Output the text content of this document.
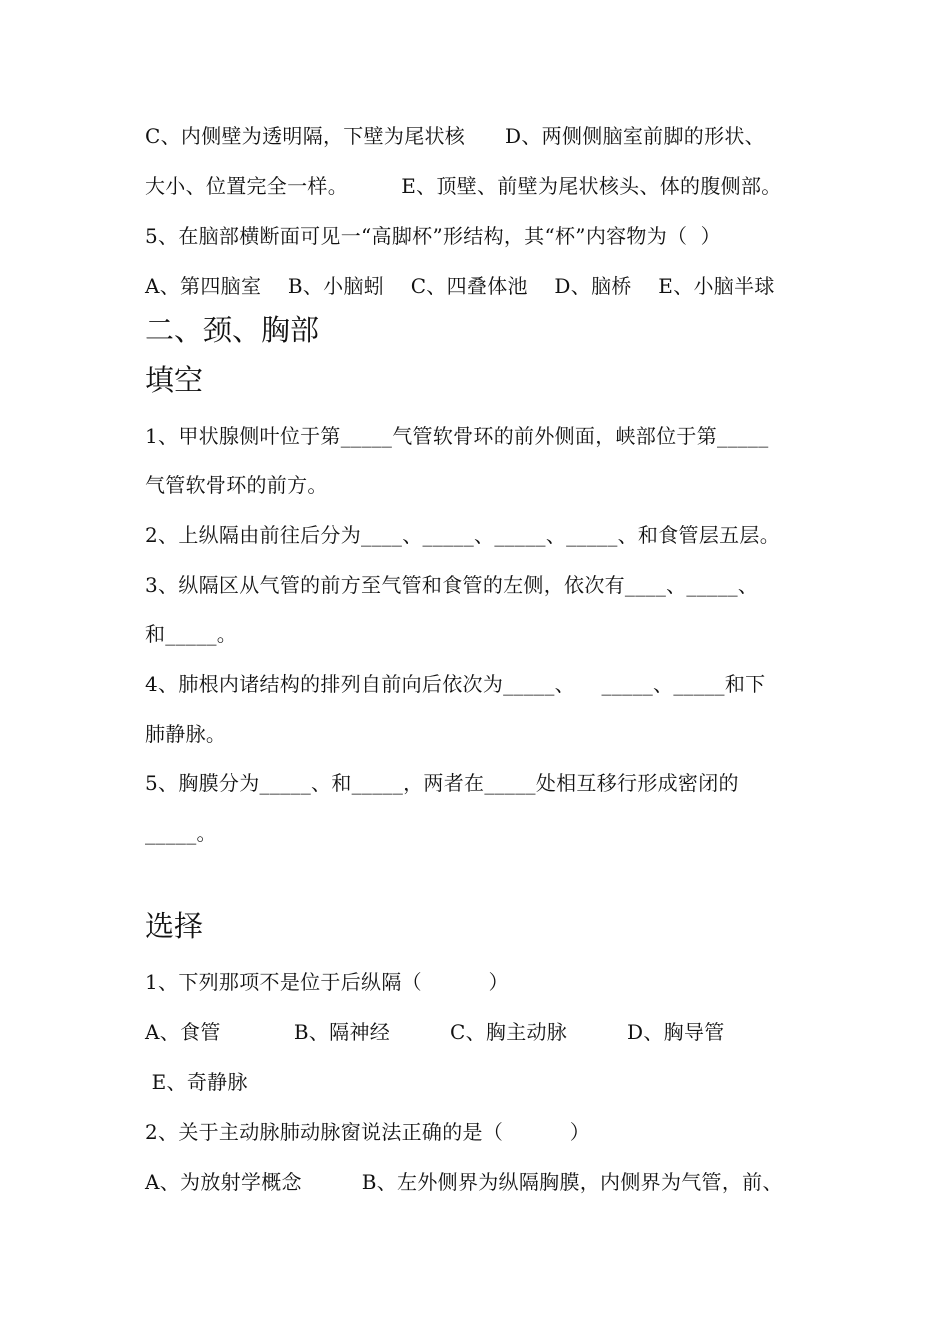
C、内侧壁为透明隔，下壁为尾状核      D、两侧侧脑室前脚的形状、
大小、位置完全一样。        E、顶壁、前壁为尾状核头、体的腹侧部。
5、在脑部横断面可见一“高脚杯”形结构，其“杯”内容物为（  ）
A、第四脑室    B、小脑蚓    C、四叠体池    D、脑桥    E、小脑半球
二、颈、胸部
填空
1、甲状腺侧叶位于第_____气管软骨环的前外侧面，峡部位于第_____
气管软骨环的前方。
2、上纵隔由前往后分为____、_____、_____、_____、和食管层五层。
3、纵隔区从气管的前方至气管和食管的左侧，依次有____、_____、
和_____。
4、肺根内诸结构的排列自前向后依次为_____、    _____、_____和下
肺静脉。
5、胸膜分为_____、和_____，两者在_____处相互移行形成密闭的
_____。
选择
1、下列那项不是位于后纵隔（          ）
A、食管           B、隔神经         C、胸主动脉         D、胸导管
E、奇静脉
2、关于主动脉肺动脉窗说法正确的是（          ）
A、为放射学概念         B、左外侧界为纵隔胸膜，内侧界为气管，前、
